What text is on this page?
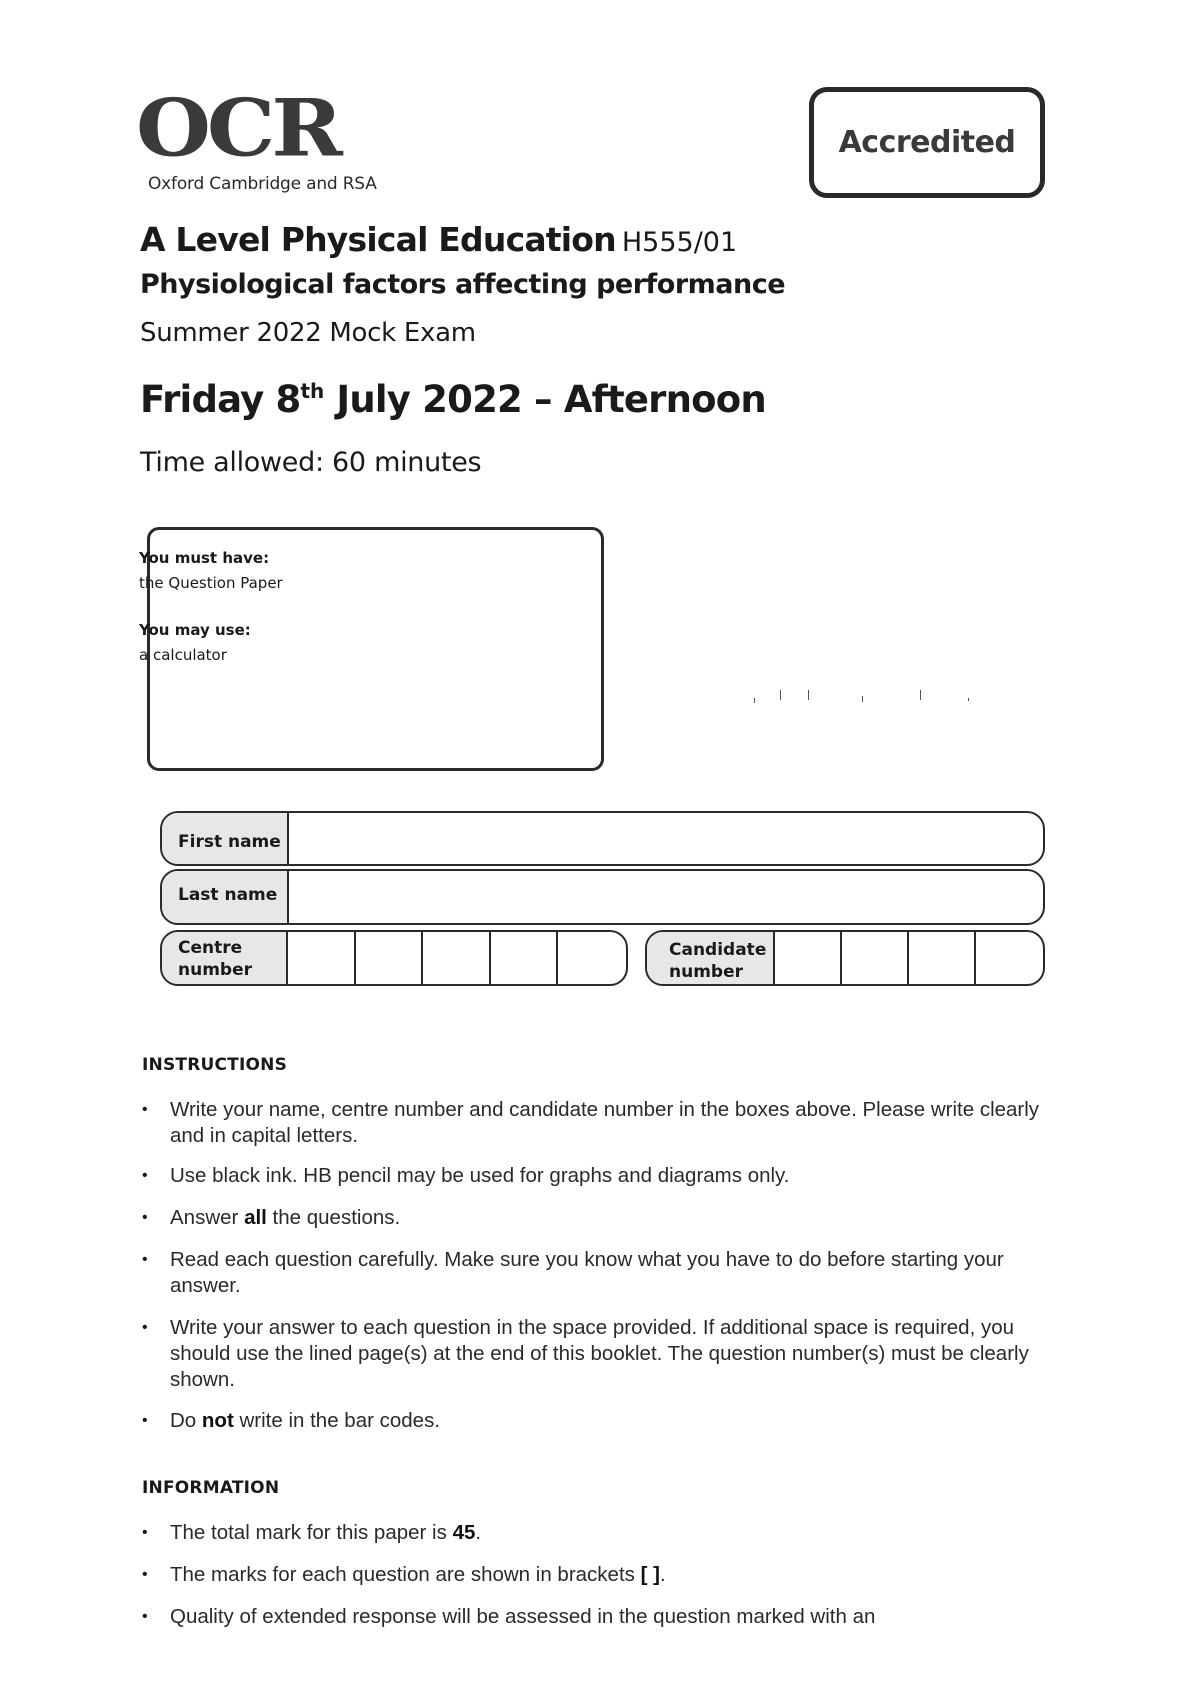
OCR
Oxford Cambridge and RSA
Accredited
A Level Physical Education H555/01
Physiological factors affecting performance
Summer 2022 Mock Exam
Friday 8th July 2022 – Afternoon
Time allowed: 60 minutes
You must have:
the Question Paper
You may use:
a calculator
First name
Last name
Centre number
Candidate number
INSTRUCTIONS
• Write your name, centre number and candidate number in the boxes above. Please write clearly and in capital letters.
• Use black ink. HB pencil may be used for graphs and diagrams only.
• Answer all the questions.
• Read each question carefully. Make sure you know what you have to do before starting your answer.
• Write your answer to each question in the space provided. If additional space is required, you should use the lined page(s) at the end of this booklet. The question number(s) must be clearly shown.
• Do not write in the bar codes.
INFORMATION
• The total mark for this paper is 45.
• The marks for each question are shown in brackets [ ].
• Quality of extended response will be assessed in the question marked with an
